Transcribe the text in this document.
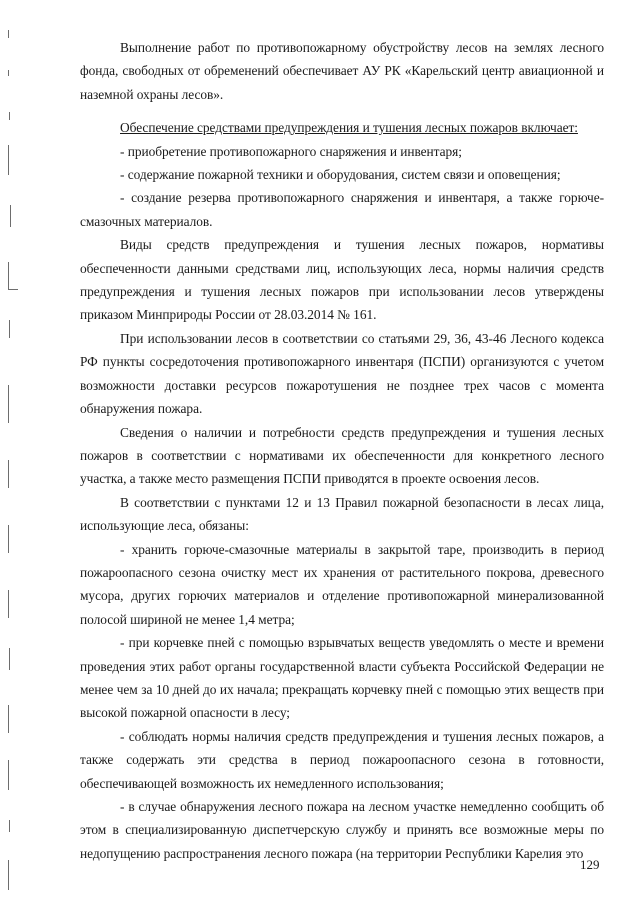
Выполнение работ по противопожарному обустройству лесов на землях лесного фонда, свободных от обременений обеспечивает АУ РК «Карельский центр авиационной и наземной охраны лесов».

Обеспечение средствами предупреждения и тушения лесных пожаров включает:

- приобретение противопожарного снаряжения и инвентаря;

- содержание пожарной техники и оборудования, систем связи и оповещения;

- создание резерва противопожарного снаряжения и инвентаря, а также горюче-смазочных материалов.

Виды средств предупреждения и тушения лесных пожаров, нормативы обеспеченности данными средствами лиц, использующих леса, нормы наличия средств предупреждения и тушения лесных пожаров при использовании лесов утверждены приказом Минприроды России от 28.03.2014 № 161.

При использовании лесов в соответствии со статьями 29, 36, 43-46 Лесного кодекса РФ пункты сосредоточения противопожарного инвентаря (ПСПИ) организуются с учетом возможности доставки ресурсов пожаротушения не позднее трех часов с момента обнаружения пожара.

Сведения о наличии и потребности средств предупреждения и тушения лесных пожаров в соответствии с нормативами их обеспеченности для конкретного лесного участка, а также место размещения ПСПИ приводятся в проекте освоения лесов.

В соответствии с пунктами 12 и 13 Правил пожарной безопасности в лесах лица, использующие леса, обязаны:

- хранить горюче-смазочные материалы в закрытой таре, производить в период пожароопасного сезона очистку мест их хранения от растительного покрова, древесного мусора, других горючих материалов и отделение противопожарной минерализованной полосой шириной не менее 1,4 метра;

- при корчевке пней с помощью взрывчатых веществ уведомлять о месте и времени проведения этих работ органы государственной власти субъекта Российской Федерации не менее чем за 10 дней до их начала; прекращать корчевку пней с помощью этих веществ при высокой пожарной опасности в лесу;

- соблюдать нормы наличия средств предупреждения и тушения лесных пожаров, а также содержать эти средства в период пожароопасного сезона в готовности, обеспечивающей возможность их немедленного использования;

- в случае обнаружения лесного пожара на лесном участке немедленно сообщить об этом в специализированную диспетчерскую службу и принять все возможные меры по недопущению распространения лесного пожара (на территории Республики Карелия это

129
